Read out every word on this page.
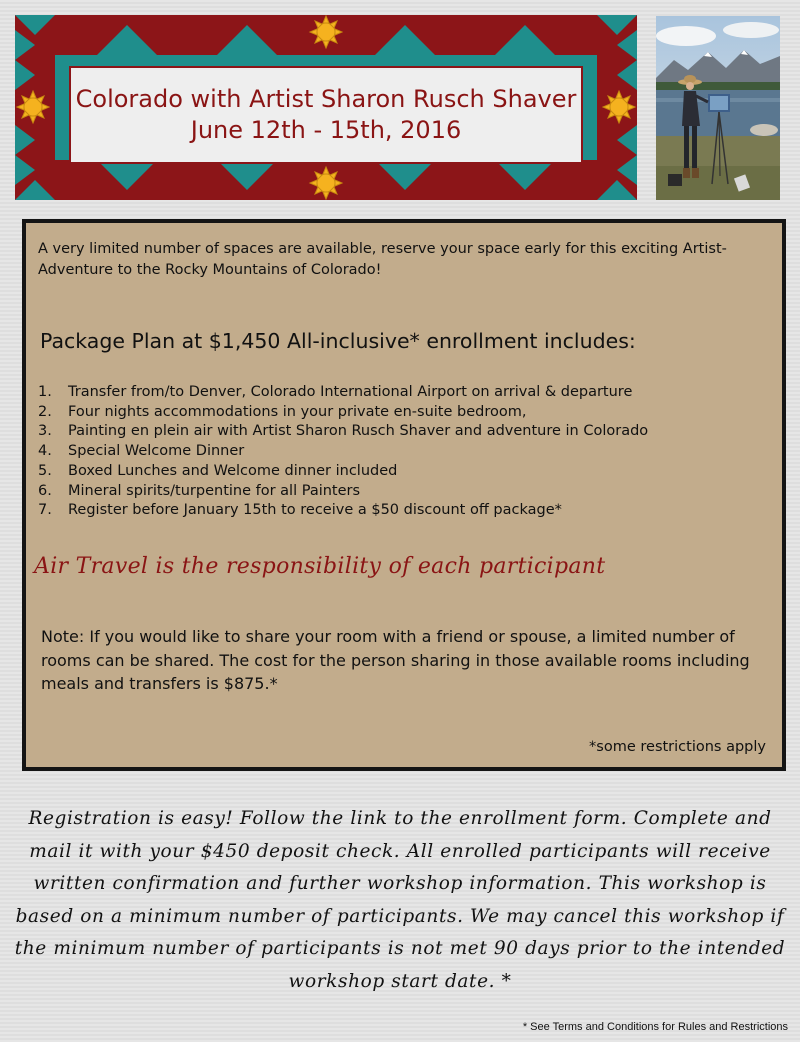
Colorado with Artist Sharon Rusch Shaver
June 12th - 15th, 2016
A very limited number of spaces are available, reserve your space early for this exciting Artist-Adventure to the Rocky Mountains of Colorado!
Package Plan at $1,450 All-inclusive* enrollment includes:
1.	Transfer from/to Denver, Colorado International Airport on arrival & departure
2.	Four nights accommodations in your private en-suite bedroom,
3.	Painting en plein air with Artist Sharon Rusch Shaver and adventure in Colorado
4.	Special Welcome Dinner
5.	Boxed Lunches and Welcome dinner included
6.	Mineral spirits/turpentine for all Painters
7.	Register before January 15th to receive a $50 discount off package*
Air Travel is the responsibility of each participant
Note: If you would like to share your room with a friend or spouse, a limited number of rooms can be shared. The cost for the person sharing in those available rooms including meals and transfers is $875.*
*some restrictions apply
Registration is easy! Follow the link to the enrollment form. Complete and mail it with your $450 deposit check. All enrolled participants will receive written confirmation and further workshop information. This workshop is based on a minimum number of participants. We may cancel this workshop if the minimum number of participants is not met 90 days prior to the intended workshop start date. *
* See Terms and Conditions for Rules and Restrictions
